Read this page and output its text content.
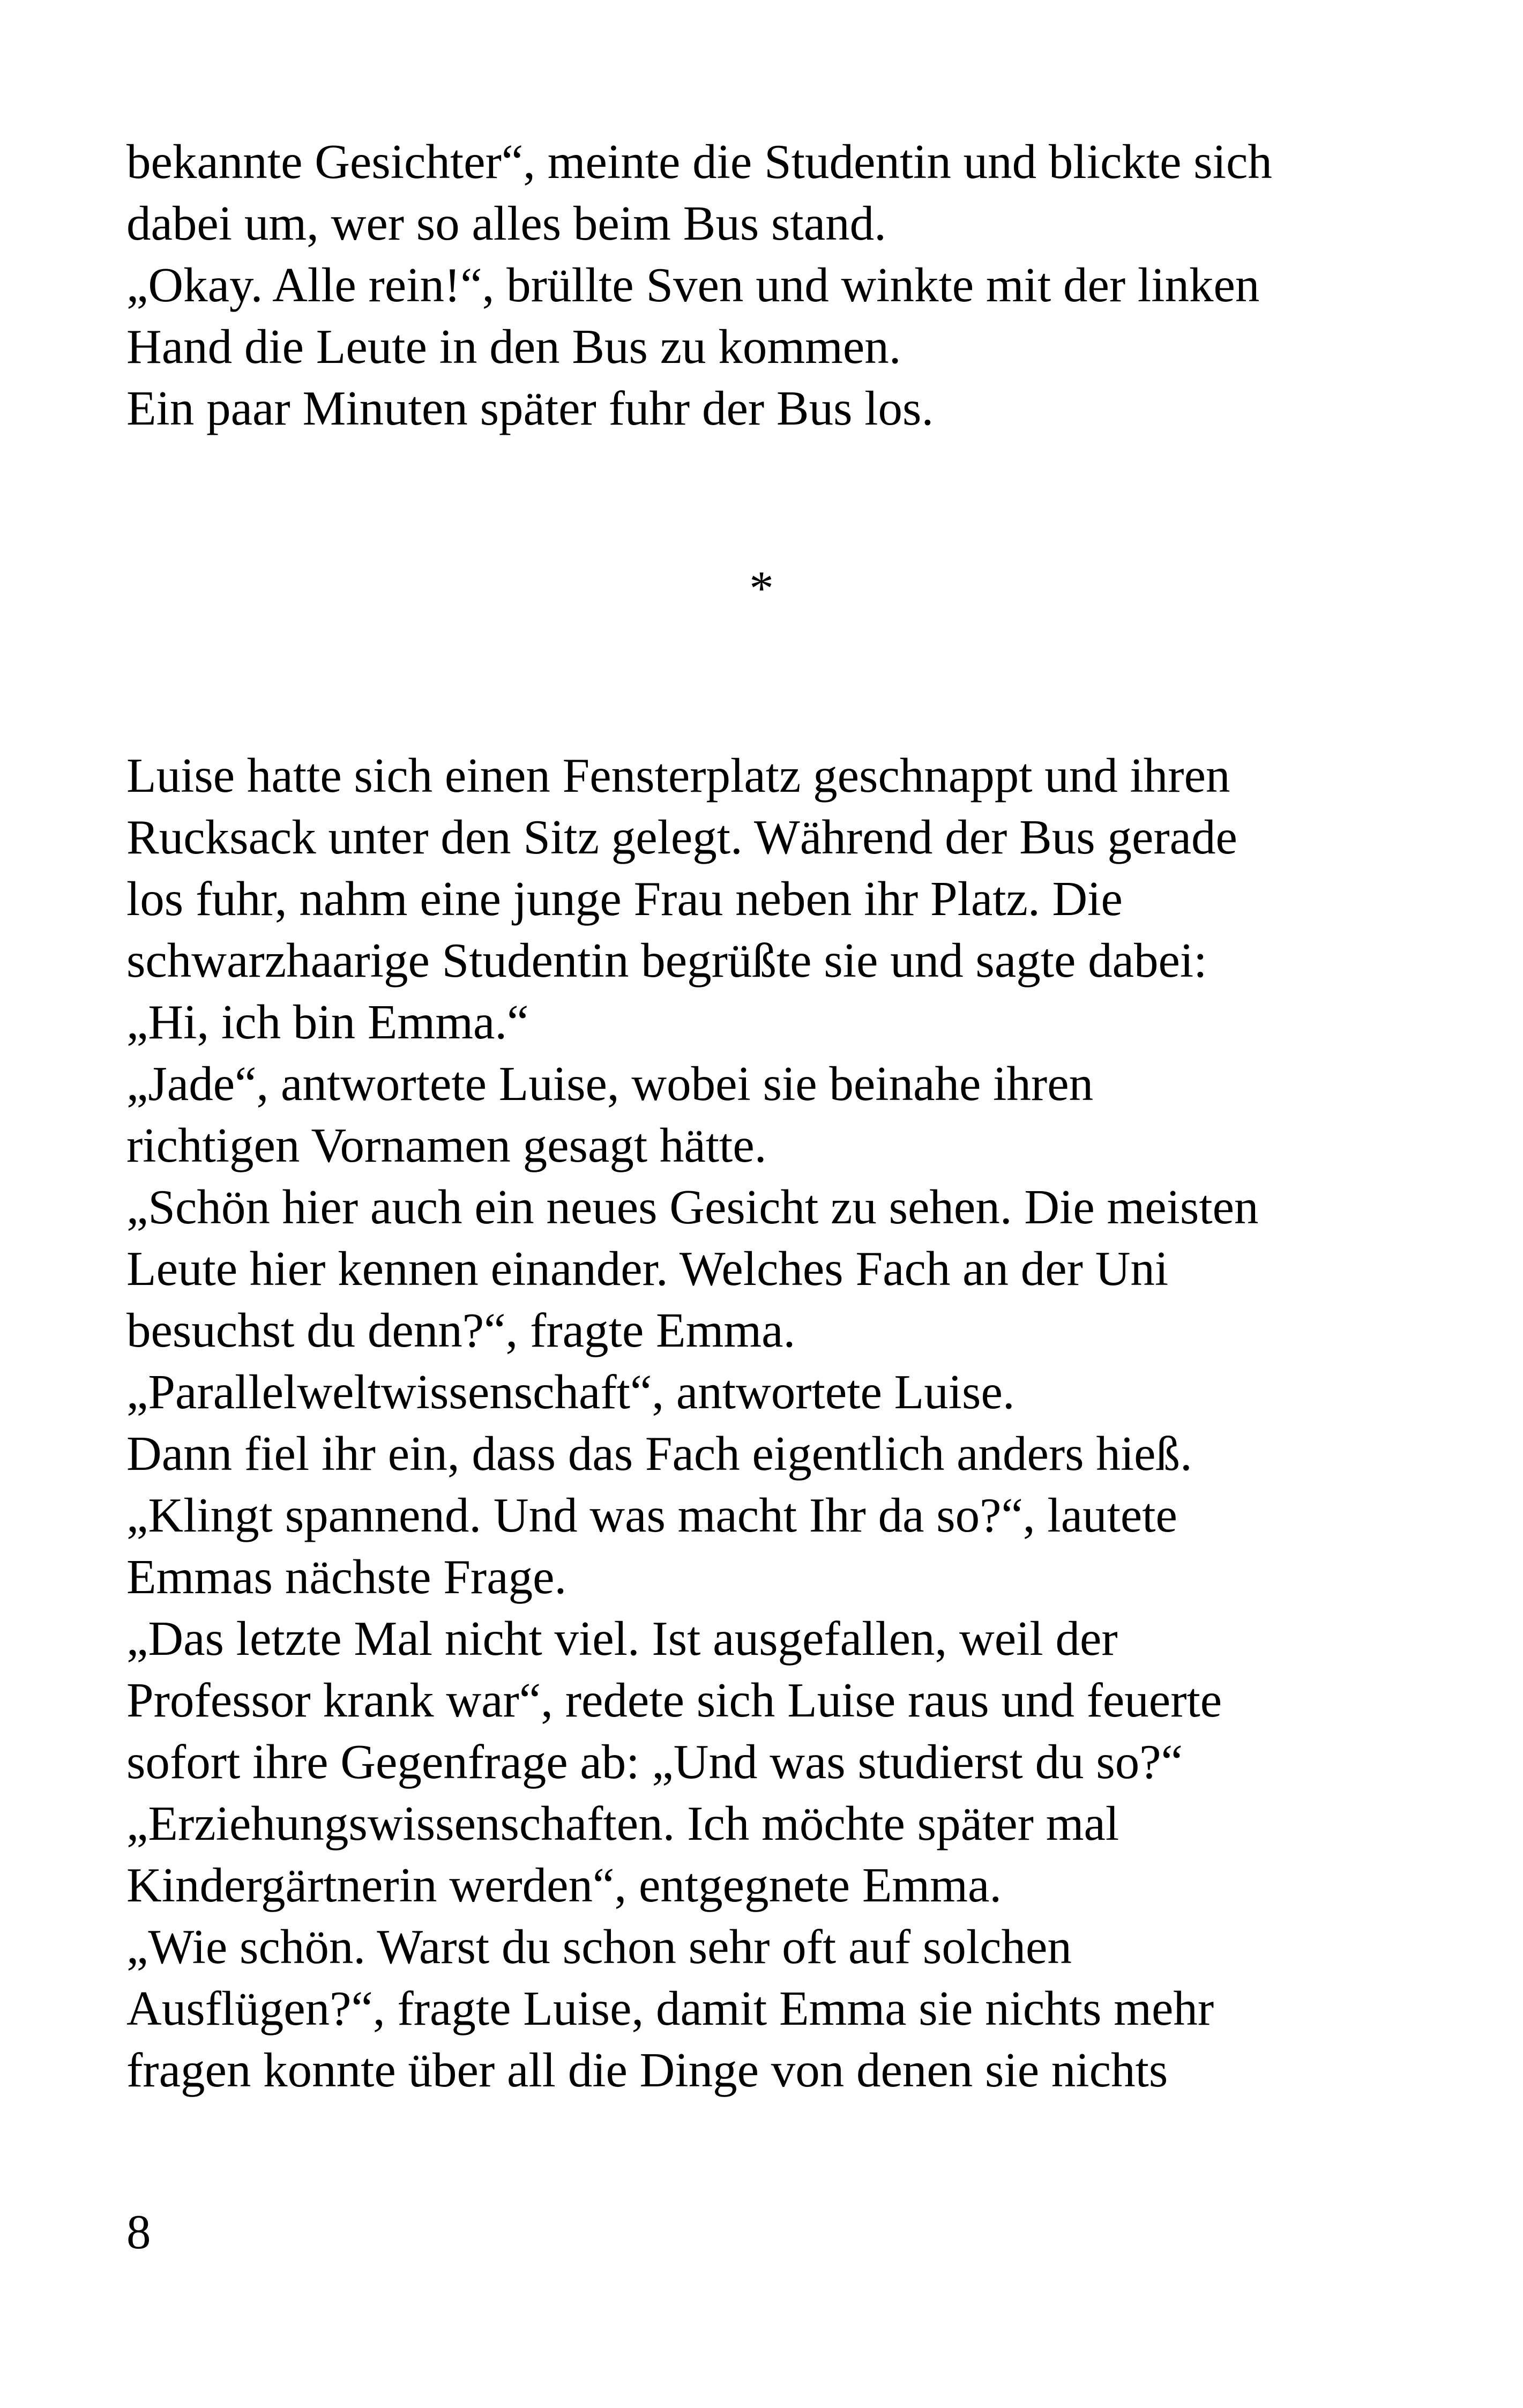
bekannte Gesichter“, meinte die Studentin und blickte sich
dabei um, wer so alles beim Bus stand.
„Okay. Alle rein!“, brüllte Sven und winkte mit der linken
Hand die Leute in den Bus zu kommen.
Ein paar Minuten später fuhr der Bus los.
*
Luise hatte sich einen Fensterplatz geschnappt und ihren
Rucksack unter den Sitz gelegt. Während der Bus gerade
los fuhr, nahm eine junge Frau neben ihr Platz. Die
schwarzhaarige Studentin begrüßte sie und sagte dabei:
„Hi, ich bin Emma.“
„Jade“, antwortete Luise, wobei sie beinahe ihren
richtigen Vornamen gesagt hätte.
„Schön hier auch ein neues Gesicht zu sehen. Die meisten
Leute hier kennen einander. Welches Fach an der Uni
besuchst du denn?“, fragte Emma.
„Parallelweltwissenschaft“, antwortete Luise.
Dann fiel ihr ein, dass das Fach eigentlich anders hieß.
„Klingt spannend. Und was macht Ihr da so?“, lautete
Emmas nächste Frage.
„Das letzte Mal nicht viel. Ist ausgefallen, weil der
Professor krank war“, redete sich Luise raus und feuerte
sofort ihre Gegenfrage ab: „Und was studierst du so?“
„Erziehungswissenschaften. Ich möchte später mal
Kindergärtnerin werden“, entgegnete Emma.
„Wie schön. Warst du schon sehr oft auf solchen
Ausflügen?“, fragte Luise, damit Emma sie nichts mehr
fragen konnte über all die Dinge von denen sie nichts
8
